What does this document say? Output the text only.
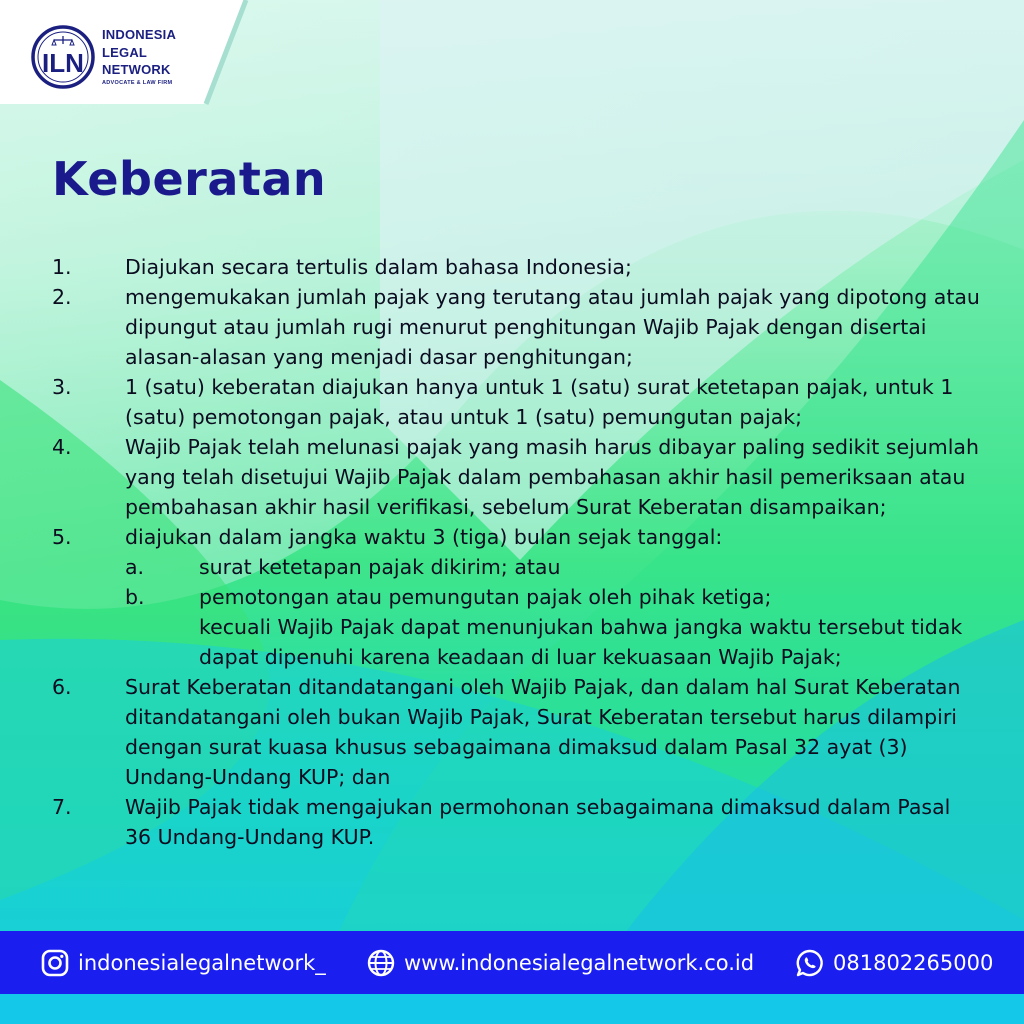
ILN
INDONESIA
LEGAL
NETWORK
ADVOCATE & LAW FIRM
Keberatan
1.	Diajukan secara tertulis dalam bahasa Indonesia;
2.	mengemukakan jumlah pajak yang terutang atau jumlah pajak yang dipotong atau dipungut atau jumlah rugi menurut penghitungan Wajib Pajak dengan disertai alasan-alasan yang menjadi dasar penghitungan;
3.	1 (satu) keberatan diajukan hanya untuk 1 (satu) surat ketetapan pajak, untuk 1 (satu) pemotongan pajak, atau untuk 1 (satu) pemungutan pajak;
4.	Wajib Pajak telah melunasi pajak yang masih harus dibayar paling sedikit sejumlah yang telah disetujui Wajib Pajak dalam pembahasan akhir hasil pemeriksaan atau pembahasan akhir hasil verifikasi, sebelum Surat Keberatan disampaikan;
5.	diajukan dalam jangka waktu 3 (tiga) bulan sejak tanggal:
a.	surat ketetapan pajak dikirim; atau
b.	pemotongan atau pemungutan pajak oleh pihak ketiga;
kecuali Wajib Pajak dapat menunjukan bahwa jangka waktu tersebut tidak dapat dipenuhi karena keadaan di luar kekuasaan Wajib Pajak;
6.	Surat Keberatan ditandatangani oleh Wajib Pajak, dan dalam hal Surat Keberatan ditandatangani oleh bukan Wajib Pajak, Surat Keberatan tersebut harus dilampiri dengan surat kuasa khusus sebagaimana dimaksud dalam Pasal 32 ayat (3) Undang-Undang KUP; dan
7.	Wajib Pajak tidak mengajukan permohonan sebagaimana dimaksud dalam Pasal 36 Undang-Undang KUP.
indonesialegalnetwork_	www.indonesialegalnetwork.co.id	081802265000
